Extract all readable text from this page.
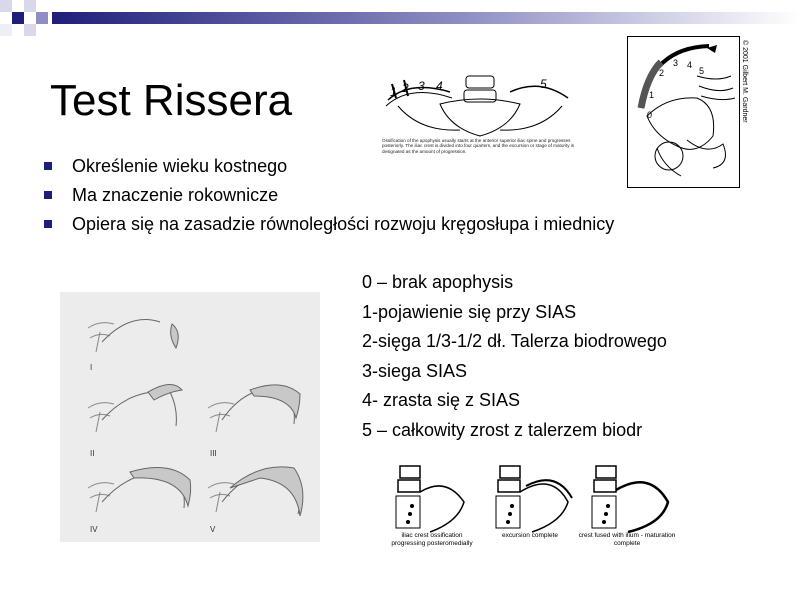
Test Rissera
Określenie wieku kostnego
Ma znaczenie rokownicze
Opiera się na zasadzie równoległości rozwoju kręgosłupa i miednicy
0 – brak apophysis
1-pojawienie się przy SIAS
2-sięga 1/3-1/2 dł. Talerza biodrowego
3-siega SIAS
4- zrasta się z SIAS
5 – całkowity zrost z talerzem biodr
1 2 3 4	5
Ossification of the apophysis usually starts at the anterior superior iliac spine and progresses posteriorly. The iliac crest is divided into four quarters, and the excursion or stage of maturity is designated as the amount of progression.
0
1
2
3 4
5	© 2001 Gilbert M. Gardner
I
II	III
IV	V
iliac crest ossification progressing posteromedially
excursion complete	crest fused with ilium - maturation complete
